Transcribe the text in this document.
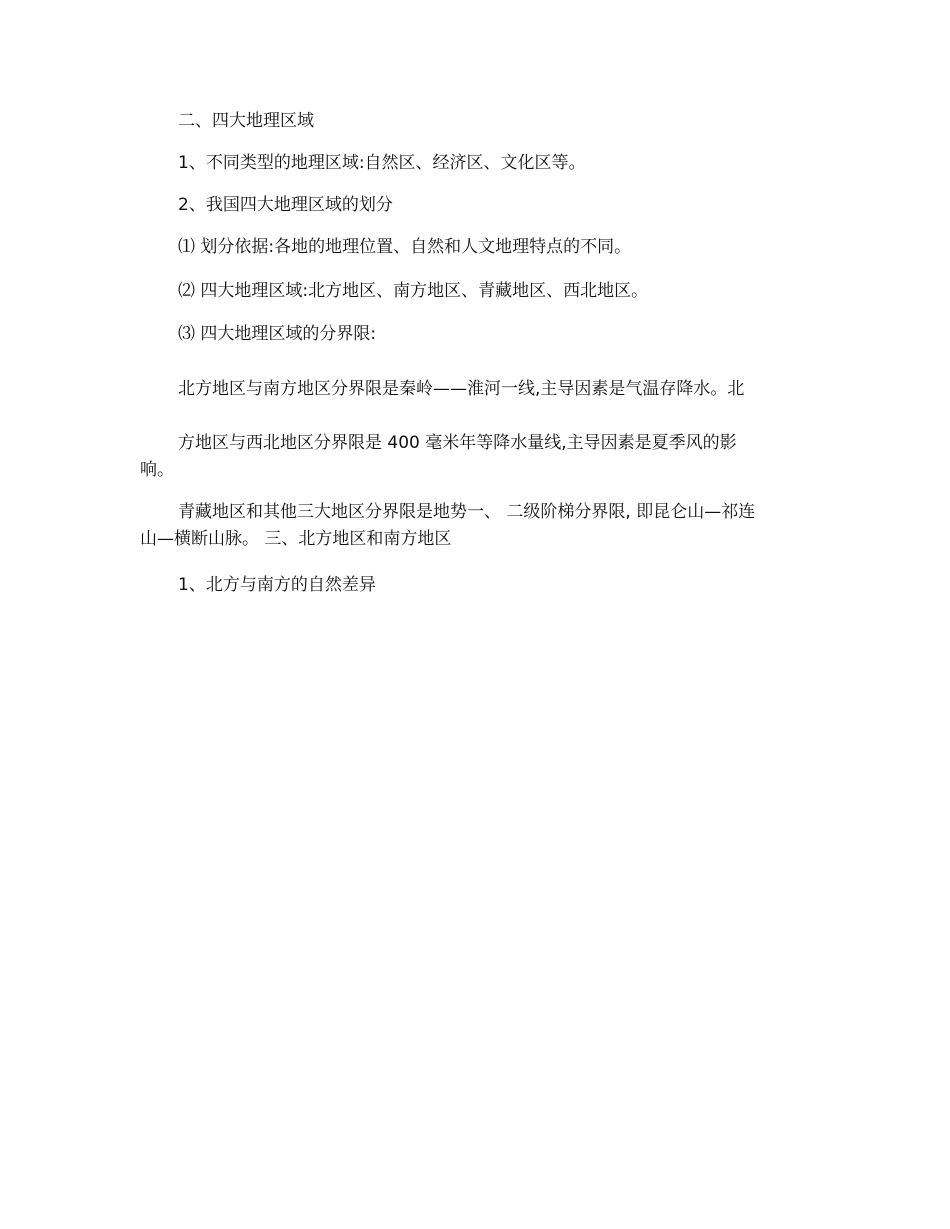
二、四大地理区域
1、不同类型的地理区域:自然区、经济区、文化区等。
2、我国四大地理区域的划分
⑴ 划分依据:各地的地理位置、自然和人文地理特点的不同。
⑵ 四大地理区域:北方地区、南方地区、青藏地区、西北地区。
⑶ 四大地理区域的分界限:
北方地区与南方地区分界限是秦岭——淮河一线,主导因素是气温存降水。北
方地区与西北地区分界限是 400 毫米年等降水量线,主导因素是夏季风的影
响。
青藏地区和其他三大地区分界限是地势一、 二级阶梯分界限, 即昆仑山—祁连
山—横断山脉。 三、北方地区和南方地区
1、北方与南方的自然差异
